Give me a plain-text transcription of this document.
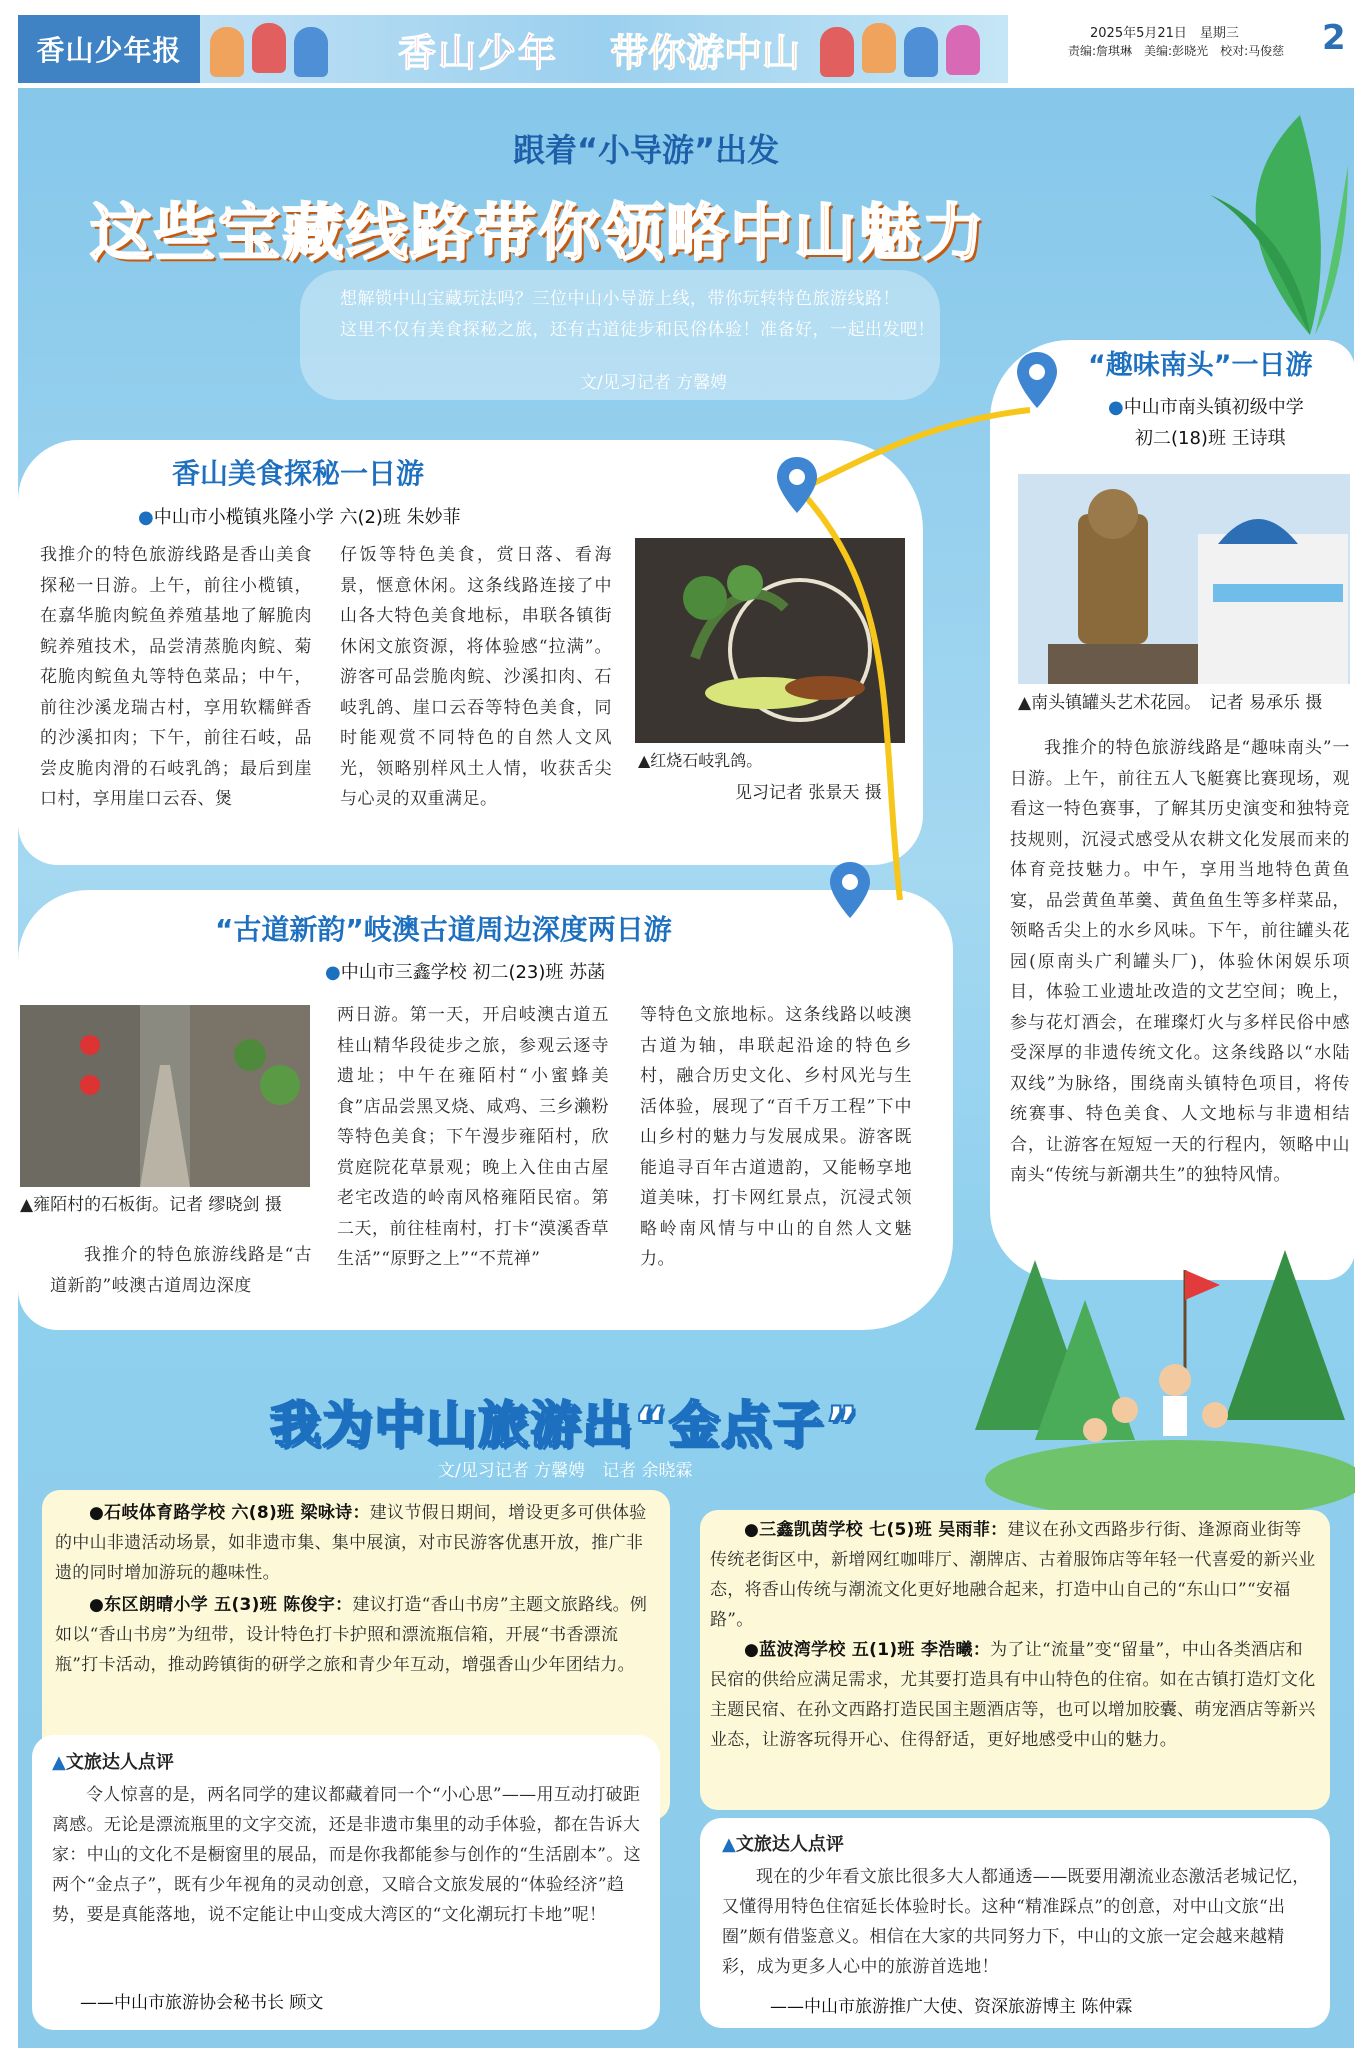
香山少年报	香山少年 带你游中山	2025年5月21日　星期三
责编:詹琪琳　美编:彭晓光　校对:马俊慈 2
跟着“小导游”出发
这些宝藏线路带你领略中山魅力
想解锁中山宝藏玩法吗？三位中山小导游上线，带你玩转特色旅游线路！
这里不仅有美食探秘之旅，还有古道徒步和民俗体验！准备好，一起出发吧！
文/见习记者 方馨娉
香山美食探秘一日游
●中山市小榄镇兆隆小学 六(2)班 朱妙菲
我推介的特色旅游线路是香山美食探秘一日游。上午，前往小榄镇，在嘉华脆肉鲩鱼养殖基地了解脆肉鲩养殖技术，品尝清蒸脆肉鲩、菊花脆肉鲩鱼丸等特色菜品；中午，前往沙溪龙瑞古村，享用软糯鲜香的沙溪扣肉；下午，前往石岐，品尝皮脆肉滑的石岐乳鸽；最后到崖口村，享用崖口云吞、煲
仔饭等特色美食，赏日落、看海景，惬意休闲。这条线路连接了中山各大特色美食地标，串联各镇街休闲文旅资源，将体验感“拉满”。游客可品尝脆肉鲩、沙溪扣肉、石岐乳鸽、崖口云吞等特色美食，同时能观赏不同特色的自然人文风光，领略别样风土人情，收获舌尖与心灵的双重满足。
▲红烧石岐乳鸽。
见习记者 张景天 摄
“趣味南头”一日游
●中山市南头镇初级中学
初二(18)班 王诗琪
▲南头镇罐头艺术花园。　记者 易承乐 摄
我推介的特色旅游线路是“趣味南头”一日游。上午，前往五人飞艇赛比赛现场，观看这一特色赛事，了解其历史演变和独特竞技规则，沉浸式感受从农耕文化发展而来的体育竞技魅力。中午，享用当地特色黄鱼宴，品尝黄鱼革羹、黄鱼鱼生等多样菜品，领略舌尖上的水乡风味。下午，前往罐头花园(原南头广利罐头厂)，体验休闲娱乐项目，体验工业遗址改造的文艺空间；晚上，参与花灯酒会，在璀璨灯火与多样民俗中感受深厚的非遗传统文化。这条线路以“水陆双线”为脉络，围绕南头镇特色项目，将传统赛事、特色美食、人文地标与非遗相结合，让游客在短短一天的行程内，领略中山南头“传统与新潮共生”的独特风情。
“古道新韵”岐澳古道周边深度两日游
●中山市三鑫学校 初二(23)班 苏菡
▲雍陌村的石板街。记者 缪晓剑 摄
我推介的特色旅游线路是“古道新韵”岐澳古道周边深度
两日游。第一天，开启岐澳古道五桂山精华段徒步之旅，参观云逐寺遗址；中午在雍陌村“小蜜蜂美食”店品尝黑叉烧、咸鸡、三乡濑粉等特色美食；下午漫步雍陌村，欣赏庭院花草景观；晚上入住由古屋老宅改造的岭南风格雍陌民宿。第二天，前往桂南村，打卡“漠溪香草生活”“原野之上”“不荒禅”
等特色文旅地标。这条线路以岐澳古道为轴，串联起沿途的特色乡村，融合历史文化、乡村风光与生活体验，展现了“百千万工程”下中山乡村的魅力与发展成果。游客既能追寻百年古道遗韵，又能畅享地道美味，打卡网红景点，沉浸式领略岭南风情与中山的自然人文魅力。
我为中山旅游出“金点子”
文/见习记者 方馨娉　记者 余晓霖
●石岐体育路学校 六(8)班 梁咏诗：建议节假日期间，增设更多可供体验的中山非遗活动场景，如非遗市集、集中展演，对市民游客优惠开放，推广非遗的同时增加游玩的趣味性。
●东区朗晴小学 五(3)班 陈俊宇：建议打造“香山书房”主题文旅路线。例如以“香山书房”为纽带，设计特色打卡护照和漂流瓶信箱，开展“书香漂流瓶”打卡活动，推动跨镇街的研学之旅和青少年互动，增强香山少年团结力。
●三鑫凯茵学校 七(5)班 吴雨菲：建议在孙文西路步行街、逢源商业街等传统老街区中，新增网红咖啡厅、潮牌店、古着服饰店等年轻一代喜爱的新兴业态，将香山传统与潮流文化更好地融合起来，打造中山自己的“东山口”“安福路”。
●蓝波湾学校 五(1)班 李浩曦：为了让“流量”变“留量”，中山各类酒店和民宿的供给应满足需求，尤其要打造具有中山特色的住宿。如在古镇打造灯文化主题民宿、在孙文西路打造民国主题酒店等，也可以增加胶囊、萌宠酒店等新兴业态，让游客玩得开心、住得舒适，更好地感受中山的魅力。
▲文旅达人点评
令人惊喜的是，两名同学的建议都藏着同一个“小心思”——用互动打破距离感。无论是漂流瓶里的文字交流，还是非遗市集里的动手体验，都在告诉大家：中山的文化不是橱窗里的展品，而是你我都能参与创作的“生活剧本”。这两个“金点子”，既有少年视角的灵动创意，又暗合文旅发展的“体验经济”趋势，要是真能落地，说不定能让中山变成大湾区的“文化潮玩打卡地”呢！
——中山市旅游协会秘书长 顾文
▲文旅达人点评
现在的少年看文旅比很多大人都通透——既要用潮流业态激活老城记忆，又懂得用特色住宿延长体验时长。这种“精准踩点”的创意，对中山文旅“出圈”颇有借鉴意义。相信在大家的共同努力下，中山的文旅一定会越来越精彩，成为更多人心中的旅游首选地！
——中山市旅游推广大使、资深旅游博主 陈仲霖
